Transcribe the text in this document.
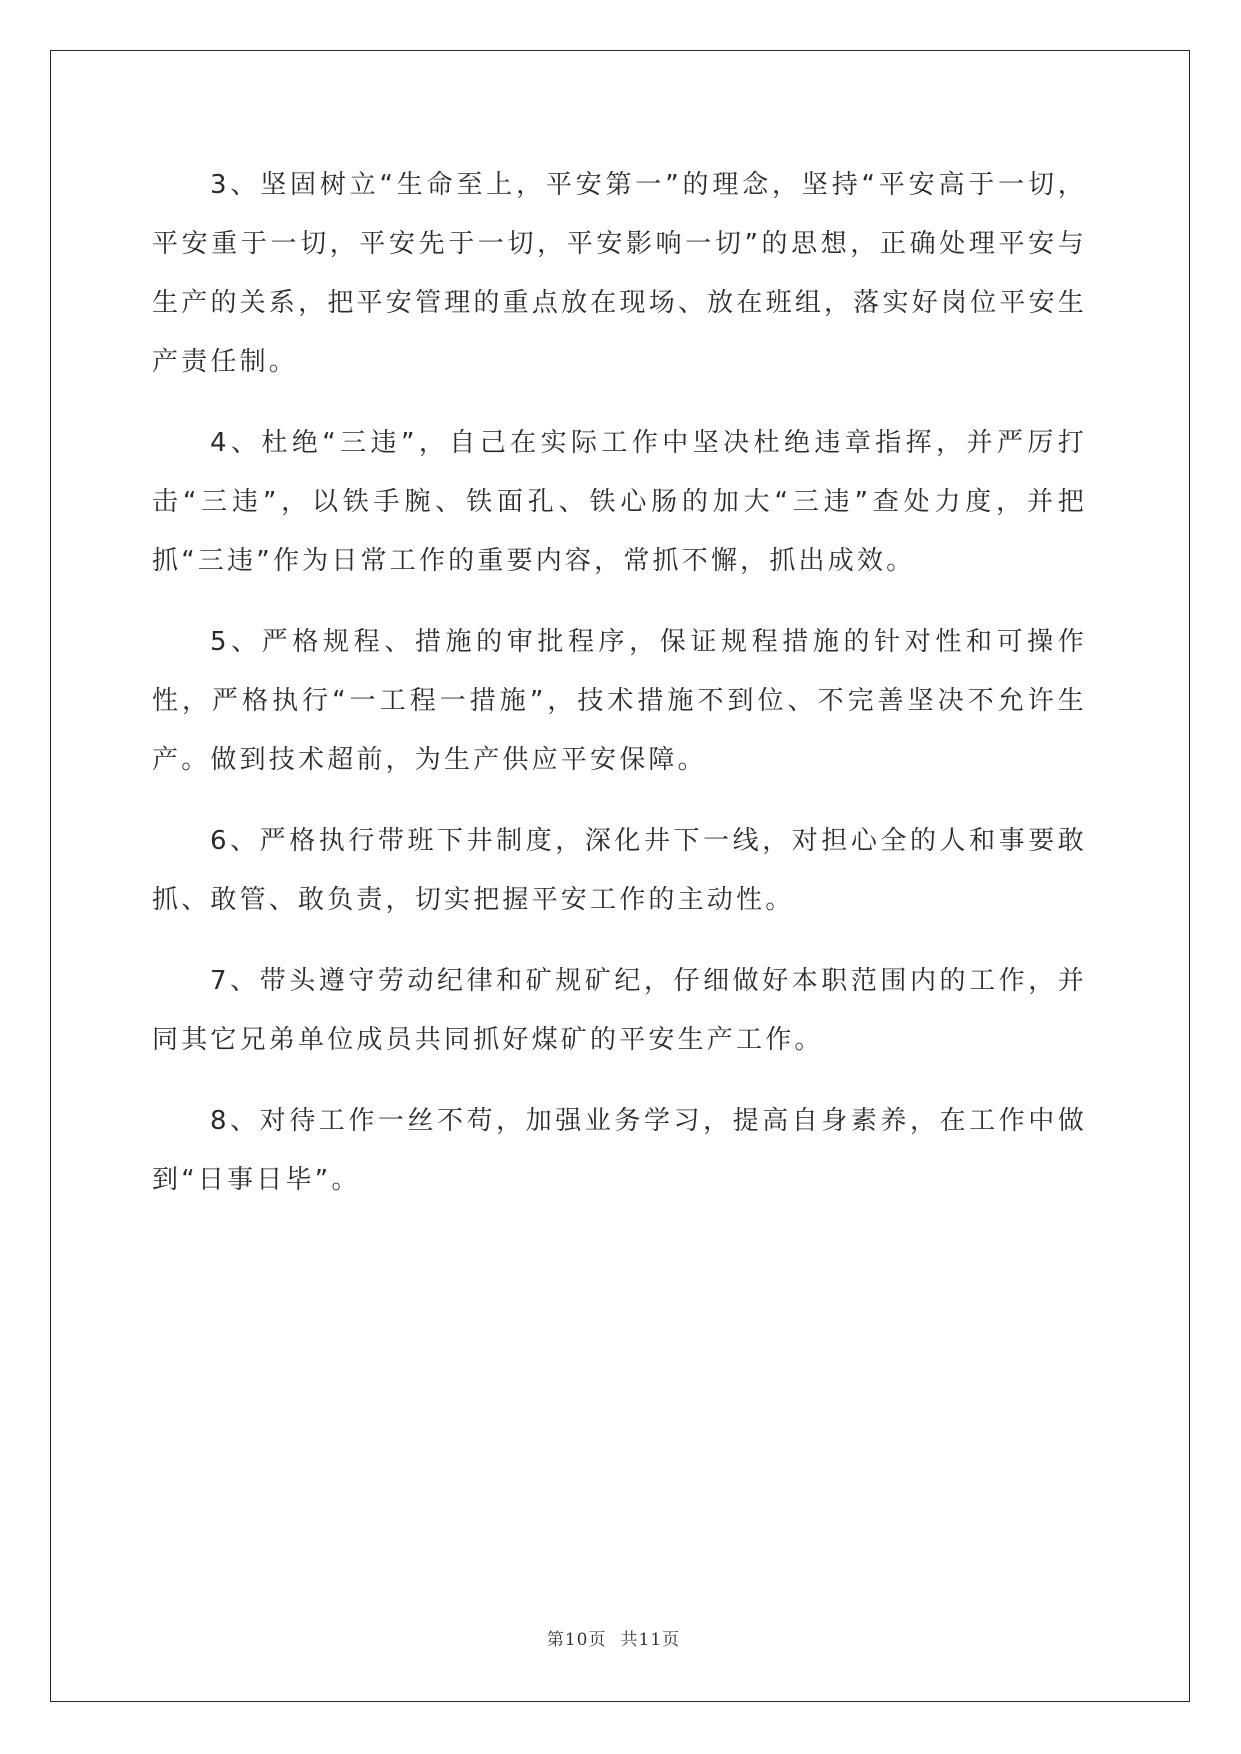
3、坚固树立“生命至上，平安第一”的理念，坚持“平安高于一切，平安重于一切，平安先于一切，平安影响一切”的思想，正确处理平安与生产的关系，把平安管理的重点放在现场、放在班组，落实好岗位平安生产责任制。

4、杜绝“三违”，自己在实际工作中坚决杜绝违章指挥，并严厉打击“三违”，以铁手腕、铁面孔、铁心肠的加大“三违”查处力度，并把抓“三违”作为日常工作的重要内容，常抓不懈，抓出成效。

5、严格规程、措施的审批程序，保证规程措施的针对性和可操作性，严格执行“一工程一措施”，技术措施不到位、不完善坚决不允许生产。做到技术超前，为生产供应平安保障。

6、严格执行带班下井制度，深化井下一线，对担心全的人和事要敢抓、敢管、敢负责，切实把握平安工作的主动性。

7、带头遵守劳动纪律和矿规矿纪，仔细做好本职范围内的工作，并同其它兄弟单位成员共同抓好煤矿的平安生产工作。

8、对待工作一丝不苟，加强业务学习，提高自身素养，在工作中做到“日事日毕”。

第10页 共11页
